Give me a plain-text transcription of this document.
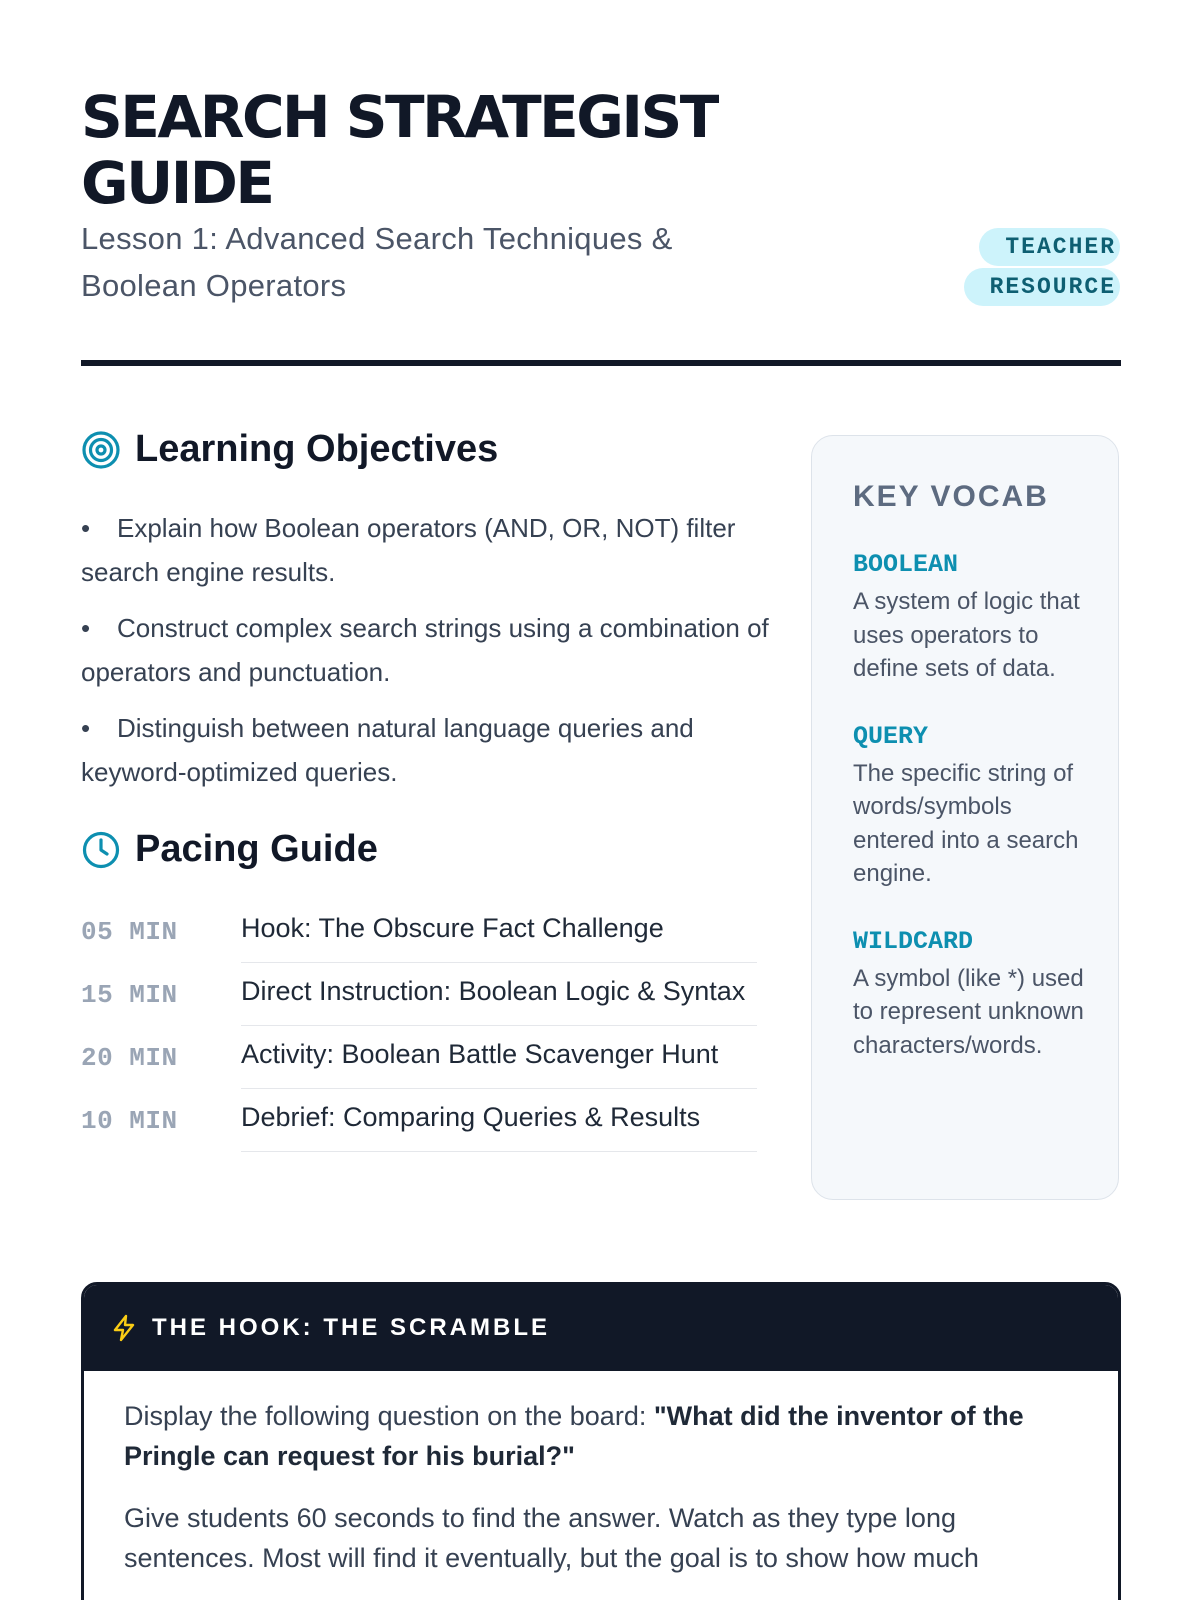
SEARCH STRATEGIST GUIDE

Lesson 1: Advanced Search Techniques & Boolean Operators

TEACHER RESOURCE
Learning Objectives
• Explain how Boolean operators (AND, OR, NOT) filter search engine results.
• Construct complex search strings using a combination of operators and punctuation.
• Distinguish between natural language queries and keyword-optimized queries.
Pacing Guide
05 MIN	Hook: The Obscure Fact Challenge
15 MIN	Direct Instruction: Boolean Logic & Syntax
20 MIN	Activity: Boolean Battle Scavenger Hunt
10 MIN	Debrief: Comparing Queries & Results
KEY VOCAB
BOOLEAN
A system of logic that uses operators to define sets of data.
QUERY
The specific string of words/symbols entered into a search engine.
WILDCARD
A symbol (like *) used to represent unknown characters/words.
THE HOOK: THE SCRAMBLE

Display the following question on the board: "What did the inventor of the Pringle can request for his burial?"

Give students 60 seconds to find the answer. Watch as they type long sentences. Most will find it eventually, but the goal is to show how much
